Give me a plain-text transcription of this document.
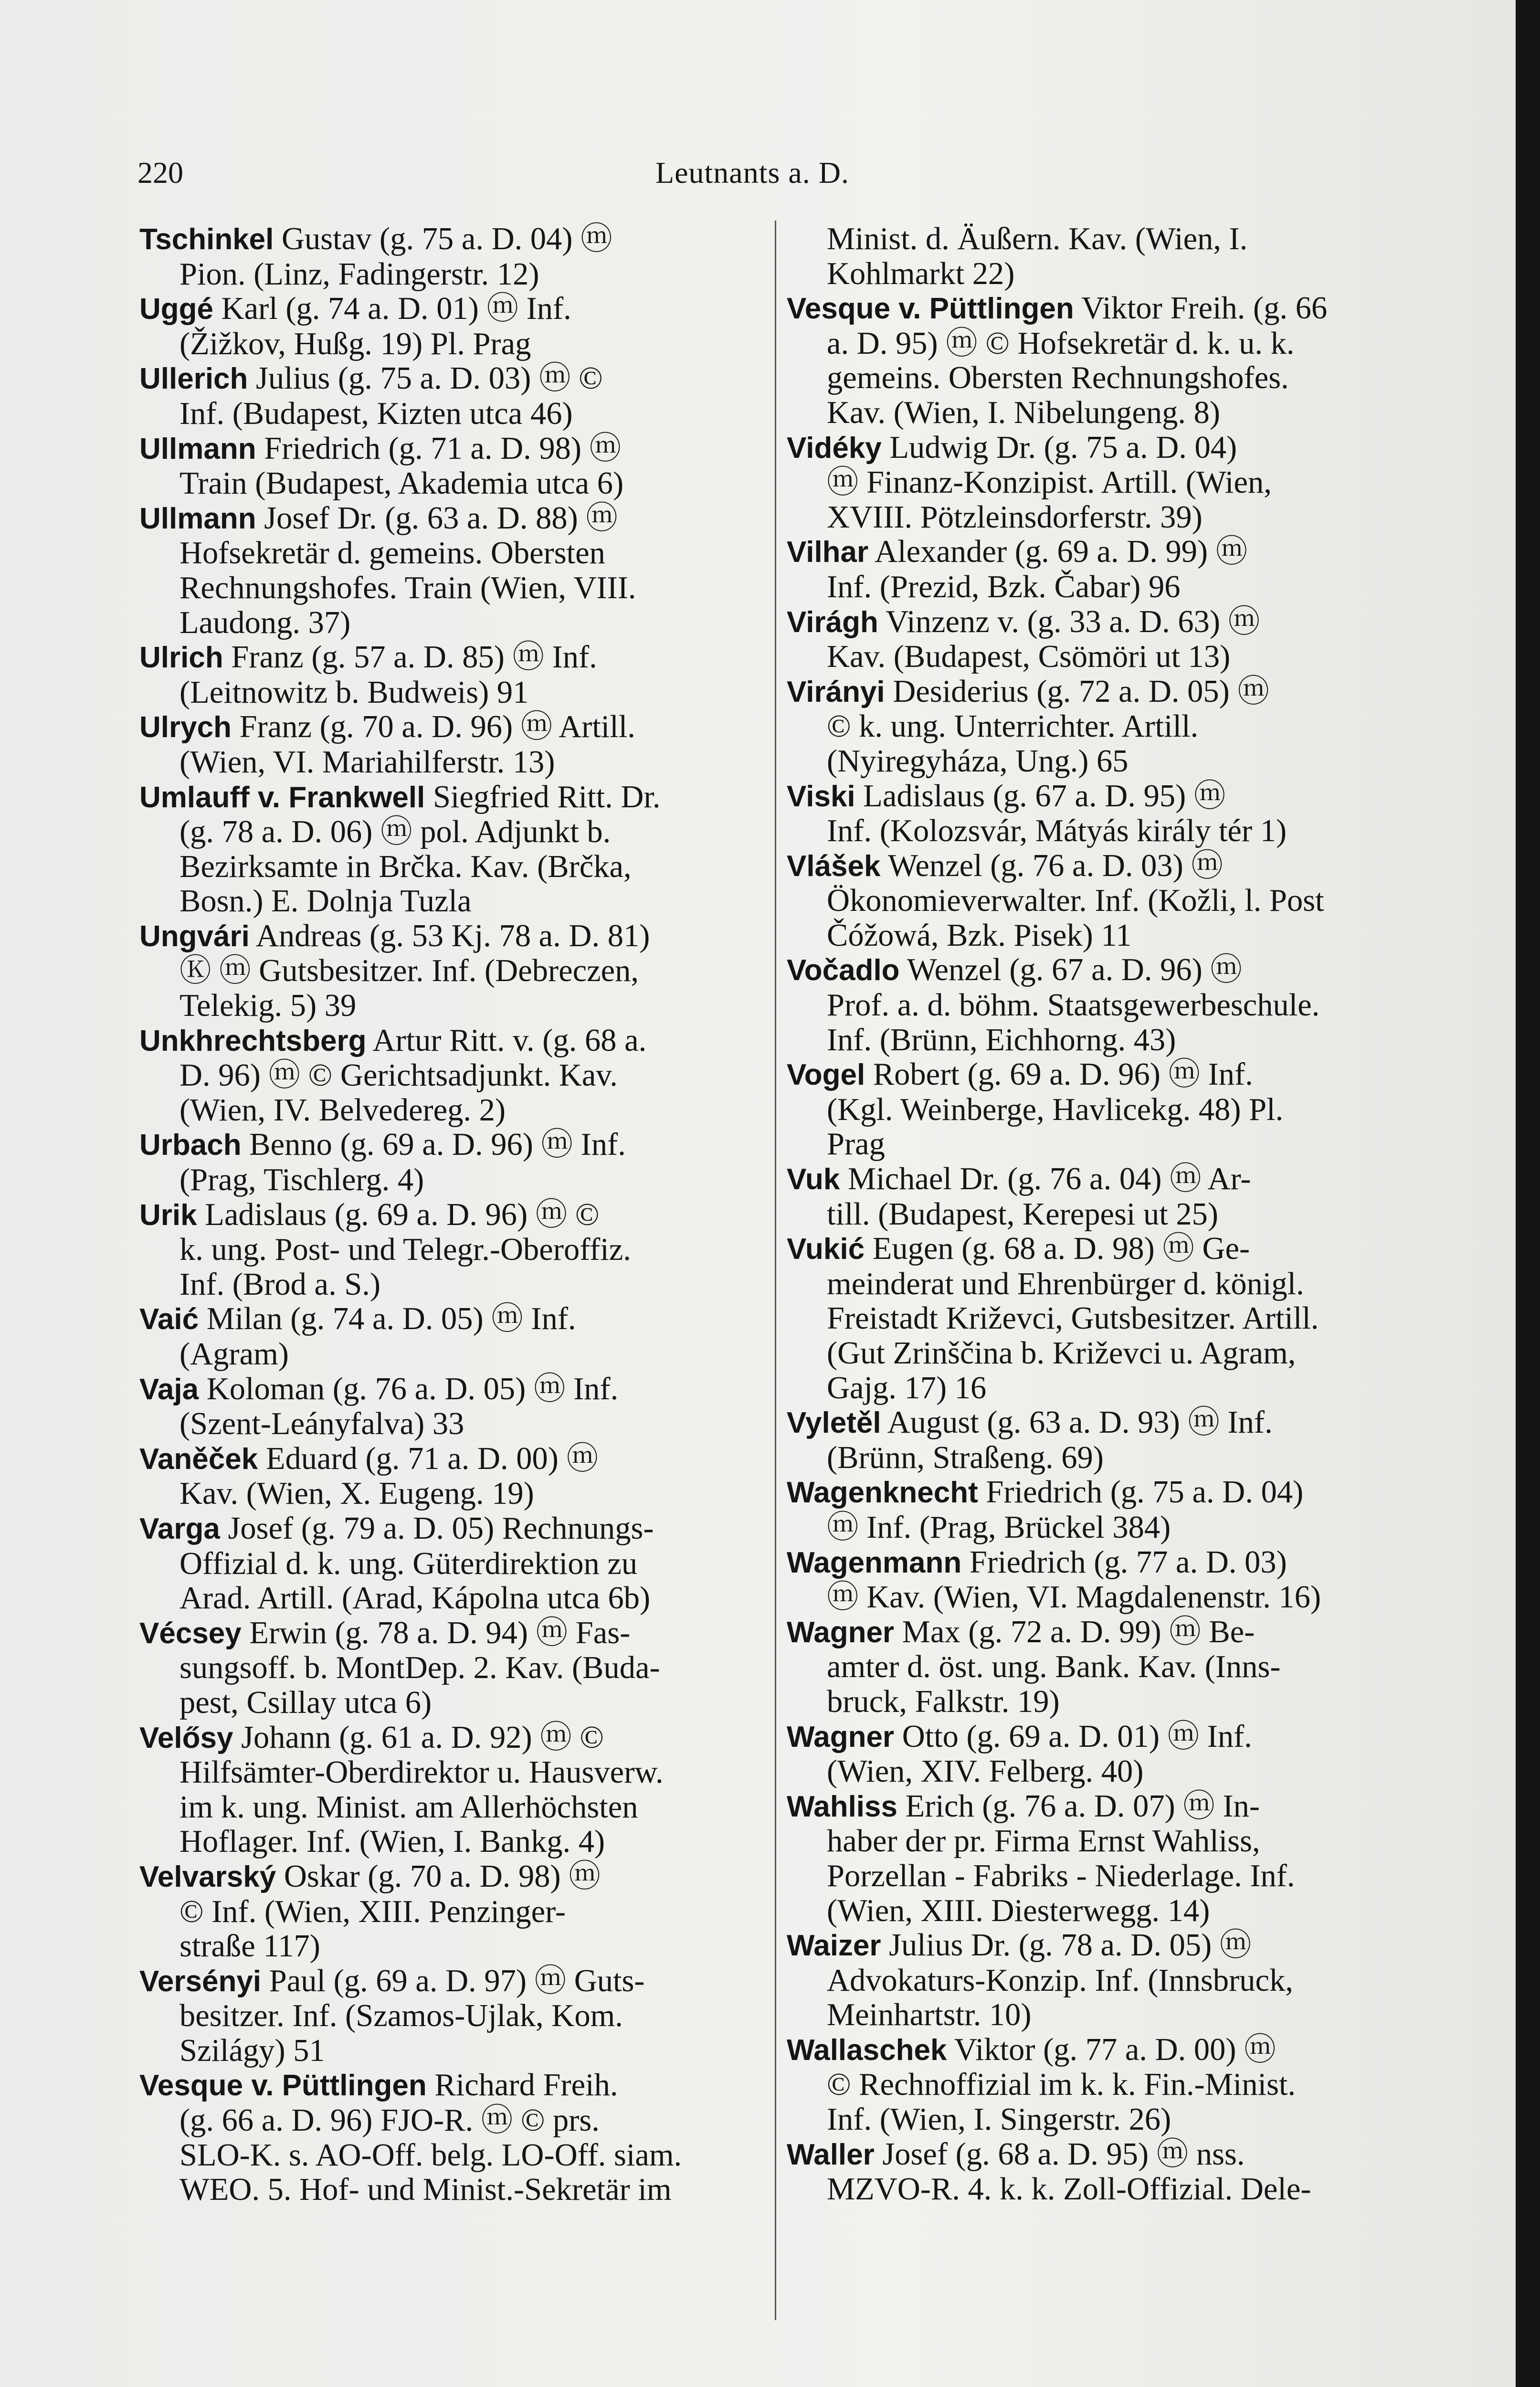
220	Leutnants a. D.
Tschinkel Gustav (g. 75 a. D. 04) ⓜ
Pion. (Linz, Fadingerstr. 12)
Uggé Karl (g. 74 a. D. 01) ⓜ Inf.
(Žižkov, Hußg. 19) Pl. Prag
Ullerich Julius (g. 75 a. D. 03) ⓜ ©
Inf. (Budapest, Kizten utca 46)
Ullmann Friedrich (g. 71 a. D. 98) ⓜ
Train (Budapest, Akademia utca 6)
Ullmann Josef Dr. (g. 63 a. D. 88) ⓜ
Hofsekretär d. gemeins. Obersten
Rechnungshofes. Train (Wien, VIII.
Laudong. 37)
Ulrich Franz (g. 57 a. D. 85) ⓜ Inf.
(Leitnowitz b. Budweis) 91
Ulrych Franz (g. 70 a. D. 96) ⓜ Artill.
(Wien, VI. Mariahilferstr. 13)
Umlauff v. Frankwell Siegfried Ritt. Dr.
(g. 78 a. D. 06) ⓜ pol. Adjunkt b.
Bezirksamte in Brčka. Kav. (Brčka,
Bosn.) E. Dolnja Tuzla
Ungvári Andreas (g. 53 Kj. 78 a. D. 81)
Ⓚ ⓜ Gutsbesitzer. Inf. (Debreczen,
Telekig. 5) 39
Unkhrechtsberg Artur Ritt. v. (g. 68 a.
D. 96) ⓜ © Gerichtsadjunkt. Kav.
(Wien, IV. Belvedereg. 2)
Urbach Benno (g. 69 a. D. 96) ⓜ Inf.
(Prag, Tischlerg. 4)
Urik Ladislaus (g. 69 a. D. 96) ⓜ ©
k. ung. Post- und Telegr.-Oberoffiz.
Inf. (Brod a. S.)
Vaić Milan (g. 74 a. D. 05) ⓜ Inf.
(Agram)
Vaja Koloman (g. 76 a. D. 05) ⓜ Inf.
(Szent-Leányfalva) 33
Vaněček Eduard (g. 71 a. D. 00) ⓜ
Kav. (Wien, X. Eugeng. 19)
Varga Josef (g. 79 a. D. 05) Rechnungs-
Offizial d. k. ung. Güterdirektion zu
Arad. Artill. (Arad, Kápolna utca 6b)
Vécsey Erwin (g. 78 a. D. 94) ⓜ Fas-
sungsoff. b. MontDep. 2. Kav. (Buda-
pest, Csillay utca 6)
Velősy Johann (g. 61 a. D. 92) ⓜ ©
Hilfsämter-Oberdirektor u. Hausverw.
im k. ung. Minist. am Allerhöchsten
Hoflager. Inf. (Wien, I. Bankg. 4)
Velvarský Oskar (g. 70 a. D. 98) ⓜ
© Inf. (Wien, XIII. Penzinger-
straße 117)
Versényi Paul (g. 69 a. D. 97) ⓜ Guts-
besitzer. Inf. (Szamos-Ujlak, Kom.
Szilágy) 51
Vesque v. Püttlingen Richard Freih.
(g. 66 a. D. 96) FJO-R. ⓜ © prs.
SLO-K. s. AO-Off. belg. LO-Off. siam.
WEO. 5. Hof- und Minist.-Sekretär im
Minist. d. Äußern. Kav. (Wien, I.
Kohlmarkt 22)
Vesque v. Püttlingen Viktor Freih. (g. 66
a. D. 95) ⓜ © Hofsekretär d. k. u. k.
gemeins. Obersten Rechnungshofes.
Kav. (Wien, I. Nibelungeng. 8)
Vidéky Ludwig Dr. (g. 75 a. D. 04)
ⓜ Finanz-Konzipist. Artill. (Wien,
XVIII. Pötzleinsdorferstr. 39)
Vilhar Alexander (g. 69 a. D. 99) ⓜ
Inf. (Prezid, Bzk. Čabar) 96
Virágh Vinzenz v. (g. 33 a. D. 63) ⓜ
Kav. (Budapest, Csömöri ut 13)
Virányi Desiderius (g. 72 a. D. 05) ⓜ
© k. ung. Unterrichter. Artill.
(Nyiregyháza, Ung.) 65
Viski Ladislaus (g. 67 a. D. 95) ⓜ
Inf. (Kolozsvár, Mátyás király tér 1)
Vlášek Wenzel (g. 76 a. D. 03) ⓜ
Ökonomieverwalter. Inf. (Kožli, l. Post
Čóžowá, Bzk. Pisek) 11
Vočadlo Wenzel (g. 67 a. D. 96) ⓜ
Prof. a. d. böhm. Staatsgewerbeschule.
Inf. (Brünn, Eichhorng. 43)
Vogel Robert (g. 69 a. D. 96) ⓜ Inf.
(Kgl. Weinberge, Havlicekg. 48) Pl.
Prag
Vuk Michael Dr. (g. 76 a. 04) ⓜ Ar-
till. (Budapest, Kerepesi ut 25)
Vukić Eugen (g. 68 a. D. 98) ⓜ Ge-
meinderat und Ehrenbürger d. königl.
Freistadt Križevci, Gutsbesitzer. Artill.
(Gut Zrinščina b. Križevci u. Agram,
Gajg. 17) 16
Vyletěl August (g. 63 a. D. 93) ⓜ Inf.
(Brünn, Straßeng. 69)
Wagenknecht Friedrich (g. 75 a. D. 04)
ⓜ Inf. (Prag, Brückel 384)
Wagenmann Friedrich (g. 77 a. D. 03)
ⓜ Kav. (Wien, VI. Magdalenenstr. 16)
Wagner Max (g. 72 a. D. 99) ⓜ Be-
amter d. öst. ung. Bank. Kav. (Inns-
bruck, Falkstr. 19)
Wagner Otto (g. 69 a. D. 01) ⓜ Inf.
(Wien, XIV. Felberg. 40)
Wahliss Erich (g. 76 a. D. 07) ⓜ In-
haber der pr. Firma Ernst Wahliss,
Porzellan - Fabriks - Niederlage. Inf.
(Wien, XIII. Diesterwegg. 14)
Waizer Julius Dr. (g. 78 a. D. 05) ⓜ
Advokaturs-Konzip. Inf. (Innsbruck,
Meinhartstr. 10)
Wallaschek Viktor (g. 77 a. D. 00) ⓜ
© Rechnoffizial im k. k. Fin.-Minist.
Inf. (Wien, I. Singerstr. 26)
Waller Josef (g. 68 a. D. 95) ⓜ nss.
MZVO-R. 4. k. k. Zoll-Offizial. Dele-
